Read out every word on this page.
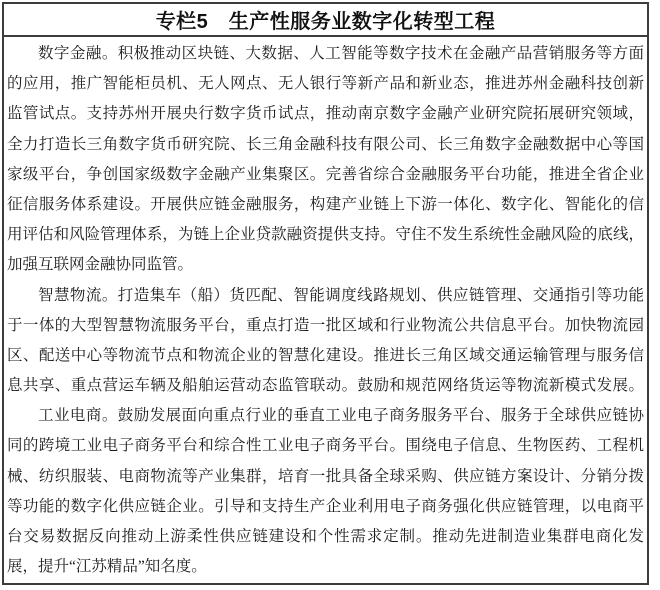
专栏5　生产性服务业数字化转型工程
数字金融。积极推动区块链、大数据、人工智能等数字技术在金融产品营销服务等方面
的应用，推广智能柜员机、无人网点、无人银行等新产品和新业态，推进苏州金融科技创新
监管试点。支持苏州开展央行数字货币试点，推动南京数字金融产业研究院拓展研究领域，
全力打造长三角数字货币研究院、长三角金融科技有限公司、长三角数字金融数据中心等国
家级平台，争创国家级数字金融产业集聚区。完善省综合金融服务平台功能，推进全省企业
征信服务体系建设。开展供应链金融服务，构建产业链上下游一体化、数字化、智能化的信
用评估和风险管理体系，为链上企业贷款融资提供支持。守住不发生系统性金融风险的底线，
加强互联网金融协同监管。
智慧物流。打造集车（船）货匹配、智能调度线路规划、供应链管理、交通指引等功能
于一体的大型智慧物流服务平台，重点打造一批区域和行业物流公共信息平台。加快物流园
区、配送中心等物流节点和物流企业的智慧化建设。推进长三角区域交通运输管理与服务信
息共享、重点营运车辆及船舶运营动态监管联动。鼓励和规范网络货运等物流新模式发展。
工业电商。鼓励发展面向重点行业的垂直工业电子商务服务平台、服务于全球供应链协
同的跨境工业电子商务平台和综合性工业电子商务平台。围绕电子信息、生物医药、工程机
械、纺织服装、电商物流等产业集群，培育一批具备全球采购、供应链方案设计、分销分拨
等功能的数字化供应链企业。引导和支持生产企业利用电子商务强化供应链管理，以电商平
台交易数据反向推动上游柔性供应链建设和个性需求定制。推动先进制造业集群电商化发
展，提升“江苏精品”知名度。
